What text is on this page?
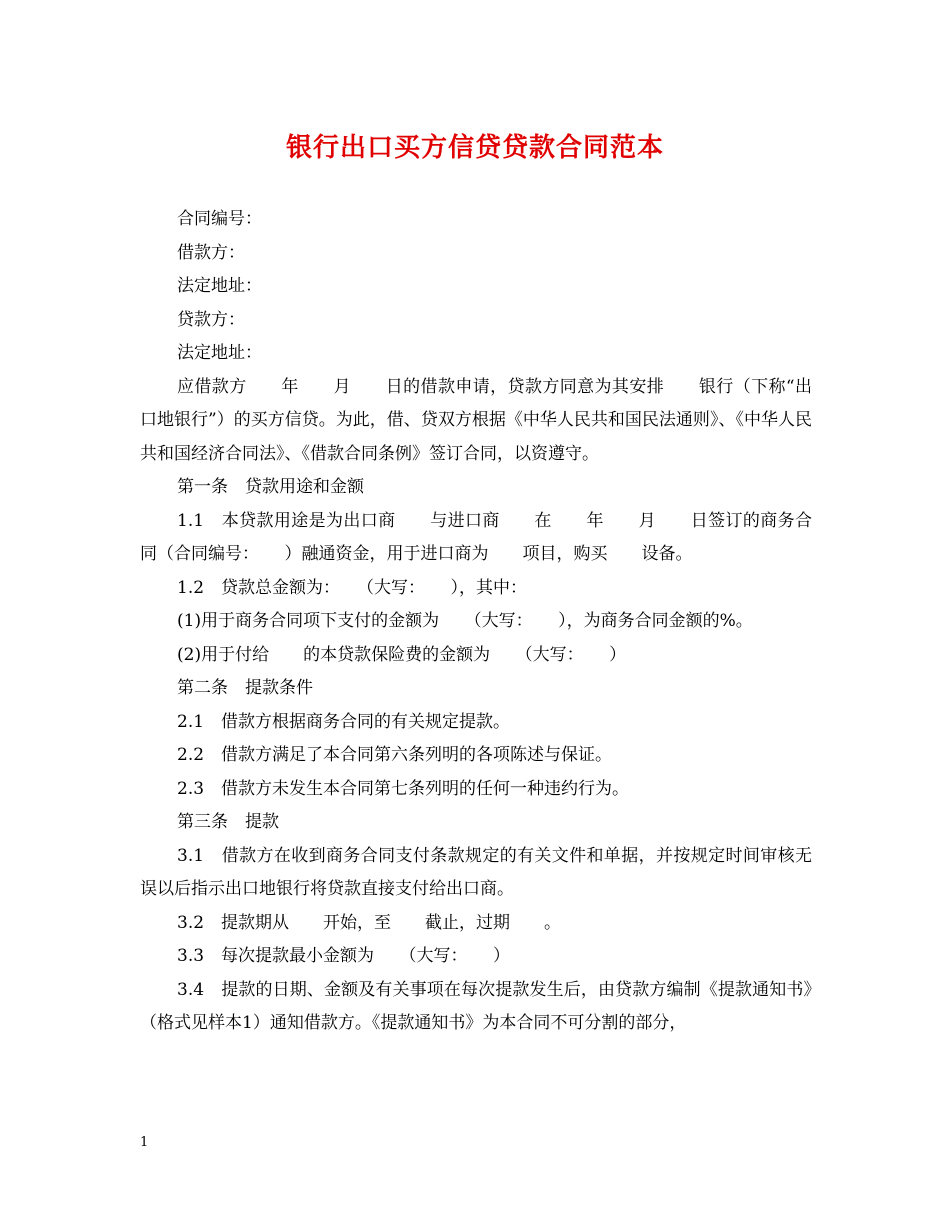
银行出口买方信贷贷款合同范本

合同编号：

借款方：

法定地址：

贷款方：

法定地址：

应借款方　　年　　月　　日的借款申请，贷款方同意为其安排　　银行（下称“出口地银行”）的买方信贷。为此，借、贷双方根据《中华人民共和国民法通则》、《中华人民共和国经济合同法》、《借款合同条例》签订合同，以资遵守。

第一条　贷款用途和金额

1.1　本贷款用途是为出口商　　与进口商　　在　　年　　月　　日签订的商务合同（合同编号：　　）融通资金，用于进口商为　　项目，购买　　设备。

1.2　贷款总金额为：　　（大写：　　），其中：

(1)用于商务合同项下支付的金额为　　（大写：　　），为商务合同金额的%。

(2)用于付给　　的本贷款保险费的金额为　　（大写：　　）

第二条　提款条件

2.1　借款方根据商务合同的有关规定提款。

2.2　借款方满足了本合同第六条列明的各项陈述与保证。

2.3　借款方未发生本合同第七条列明的任何一种违约行为。

第三条　提款

3.1　借款方在收到商务合同支付条款规定的有关文件和单据，并按规定时间审核无误以后指示出口地银行将贷款直接支付给出口商。

3.2　提款期从　　开始，至　　截止，过期　　。

3.3　每次提款最小金额为　　（大写：　　）

3.4　提款的日期、金额及有关事项在每次提款发生后，由贷款方编制《提款通知书》（格式见样本1）通知借款方。《提款通知书》为本合同不可分割的部分，

1
